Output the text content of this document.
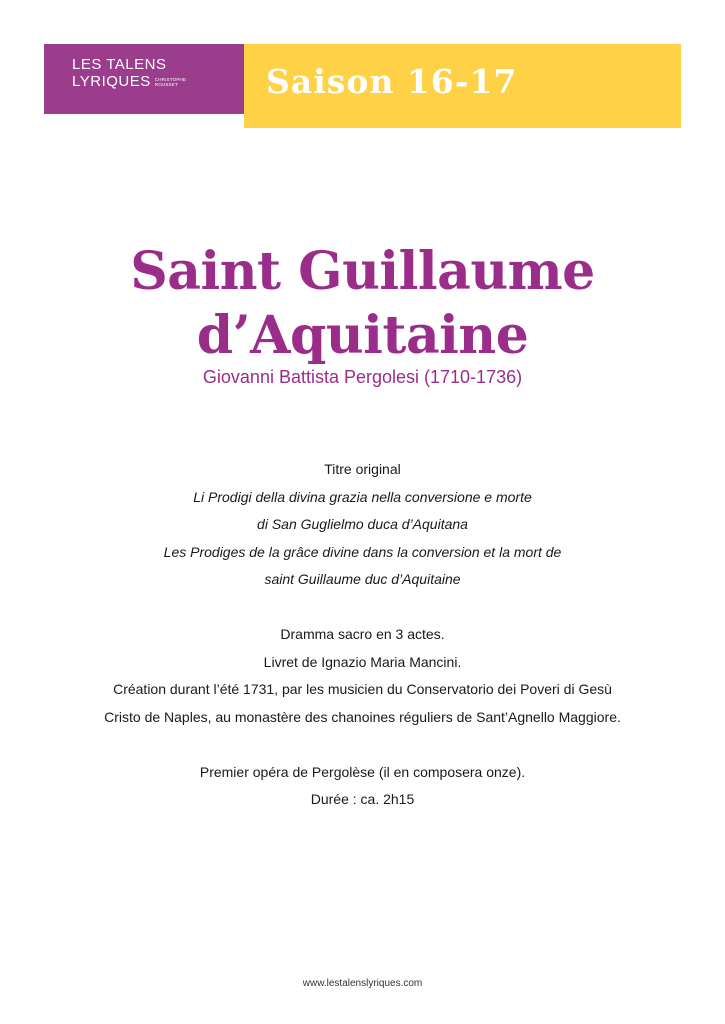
LES TALENS
LYRIQUES CHRISTOPHE
ROUSSET	Saison 16-17
Saint Guillaume
d’Aquitaine
Giovanni Battista Pergolesi (1710-1736)
Titre original
Li Prodigi della divina grazia nella conversione e morte
di San Guglielmo duca d’Aquitana
Les Prodiges de la grâce divine dans la conversion et la mort de
saint Guillaume duc d’Aquitaine
Dramma sacro en 3 actes.
Livret de Ignazio Maria Mancini.
Création durant l’été 1731, par les musicien du Conservatorio dei Poveri di Gesù
Cristo de Naples, au monastère des chanoines réguliers de Sant’Agnello Maggiore.
Premier opéra de Pergolèse (il en composera onze).
Durée : ca. 2h15
www.lestalenslyriques.com
